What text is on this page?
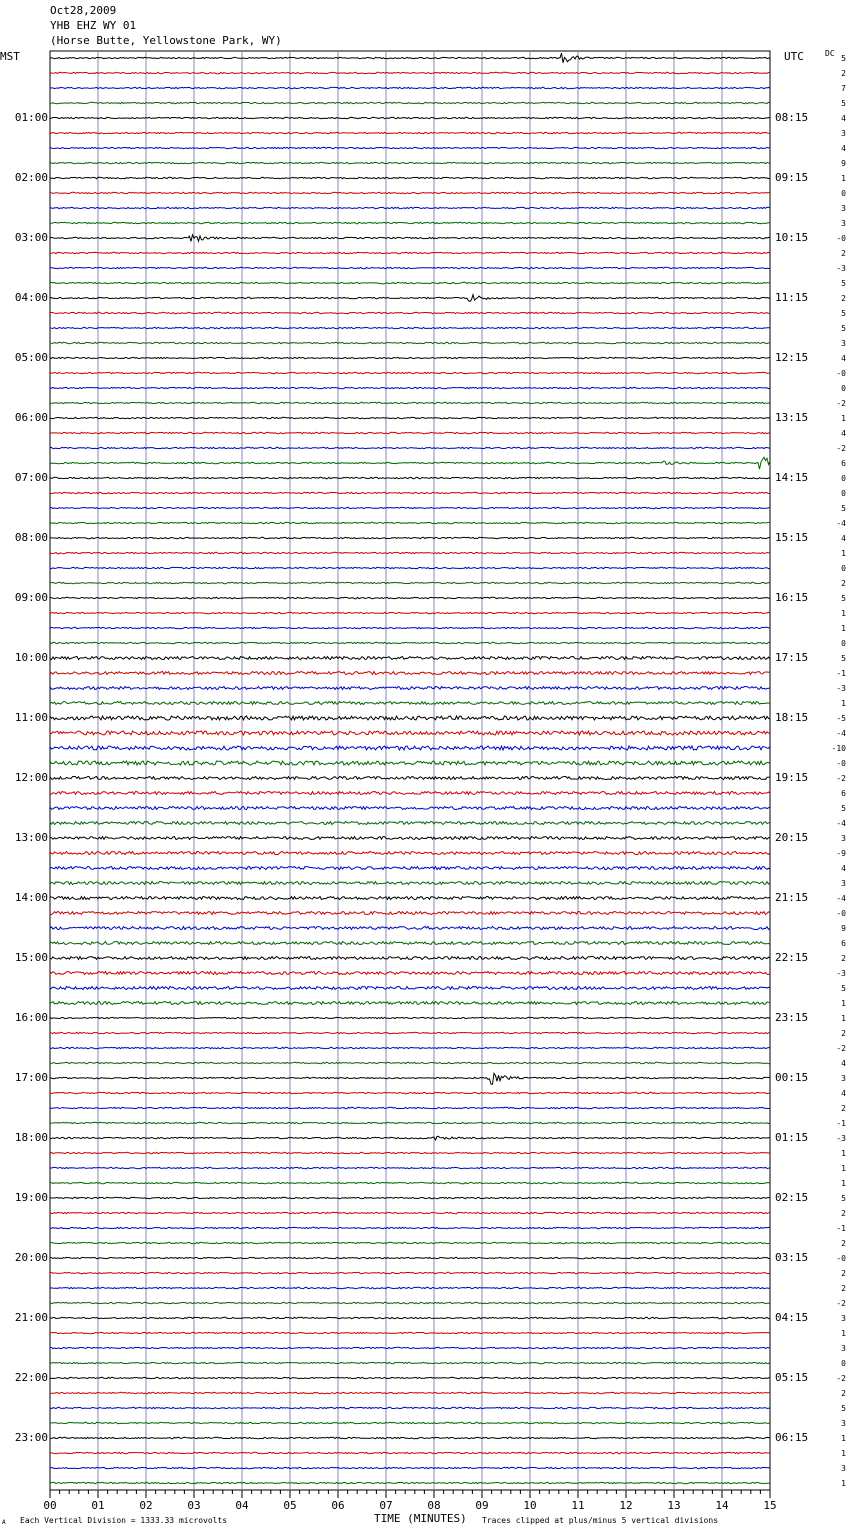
Oct28,2009
YHB EHZ WY 01
(Horse Butte, Yellowstone Park, WY)
MST	UTC	DC
00	01	02	03	04	05	06	07	08	09	10	11	12	13	14	15
01:00
02:00
03:00
04:00
05:00
06:00
07:00
08:00
09:00
10:00
11:00
12:00
13:00
14:00
15:00
16:00
17:00
18:00
19:00
20:00
21:00
22:00
23:00
08:15
09:15
10:15
11:15
12:15
13:15
14:15
15:15
16:15
17:15
18:15
19:15
20:15
21:15
22:15
23:15
00:15
01:15
02:15
03:15
04:15
05:15
06:15
5
2
7
5
4
3
4
9
1
0
3
3
-0
2
-3
5
2
5
5
3
4
-0
0
-2
1
4
-2
6
0
0
5
-4
4
1
0
2
5
1
1
0
5
-1
-3
1
-5
-4
-10
-0
-2
6
5
-4
3
-9
4
3
-4
-0
9
6
2
-3
5
1
1
2
-2
4
3
4
2
-1
-3
1
1
1
5
2
-1
2
-0
2
2
-2
3
1
3
0
-2
2
5
3
1
1
3
1
TIME (MINUTES)
Each Vertical Division = 1333.33 microvolts	Traces clipped at plus/minus 5 vertical divisions
A
